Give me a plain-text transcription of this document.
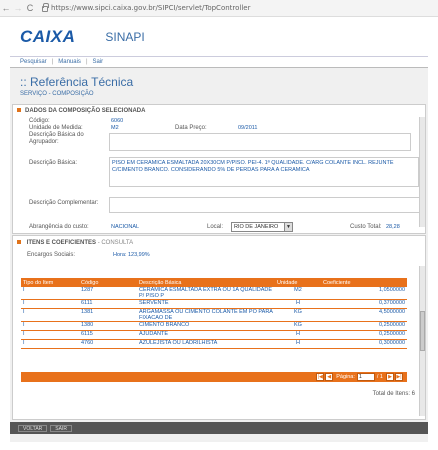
← → C	https://www.sipci.caixa.gov.br/SIPCI/servlet/TopController
CAIXA	SINAPI
Pesquisar | Manuais | Sair
:: Referência Técnica
SERVIÇO - COMPOSIÇÃO
DADOS DA COMPOSIÇÃO SELECIONADA
Código:	6060
Unidade de Medida:	M2	Data Preço:	09/2011
Descrição Básica do Agrupador:
Descrição Básica:	PISO EM CERAMICA ESMALTADA 20X30CM P/PISO. PEI-4. 1ª QUALIDADE. C/ARG COLANTE INCL. REJUNTE C/CIMENTO BRANCO. CONSIDERANDO 5% DE PERDAS PARA A CERAMICA
Descrição Complementar:
Abrangência do custo:	NACIONAL	Local:	RIO DE JANEIRO	▼	Custo Total: 28,28
ITENS E COEFICIENTES - CONSULTA
Encargos Sociais:	Hora: 123,99%
Tipo do Item	Código	Descrição Básica	Unidade	Coeficiente
I	1287	CERAMICA ESMALTADA EXTRA OU 1A QUALIDADE P/ PISO P	M2	1,0500000
I	6111	SERVENTE	H	0,3700000
I	1381	ARGAMASSA OU CIMENTO COLANTE EM PO PARA FIXACAO DE	KG	4,5000000
I	1380	CIMENTO BRANCO	KG	0,2500000
I	6115	AJUDANTE	H	0,2500000
I	4760	AZULEJISTA OU LADRILHISTA	H	0,3000000
|◀ ◀ Página: 1	/ 1	▶ ▶|
Total de Itens: 6
VOLTAR	SAIR
